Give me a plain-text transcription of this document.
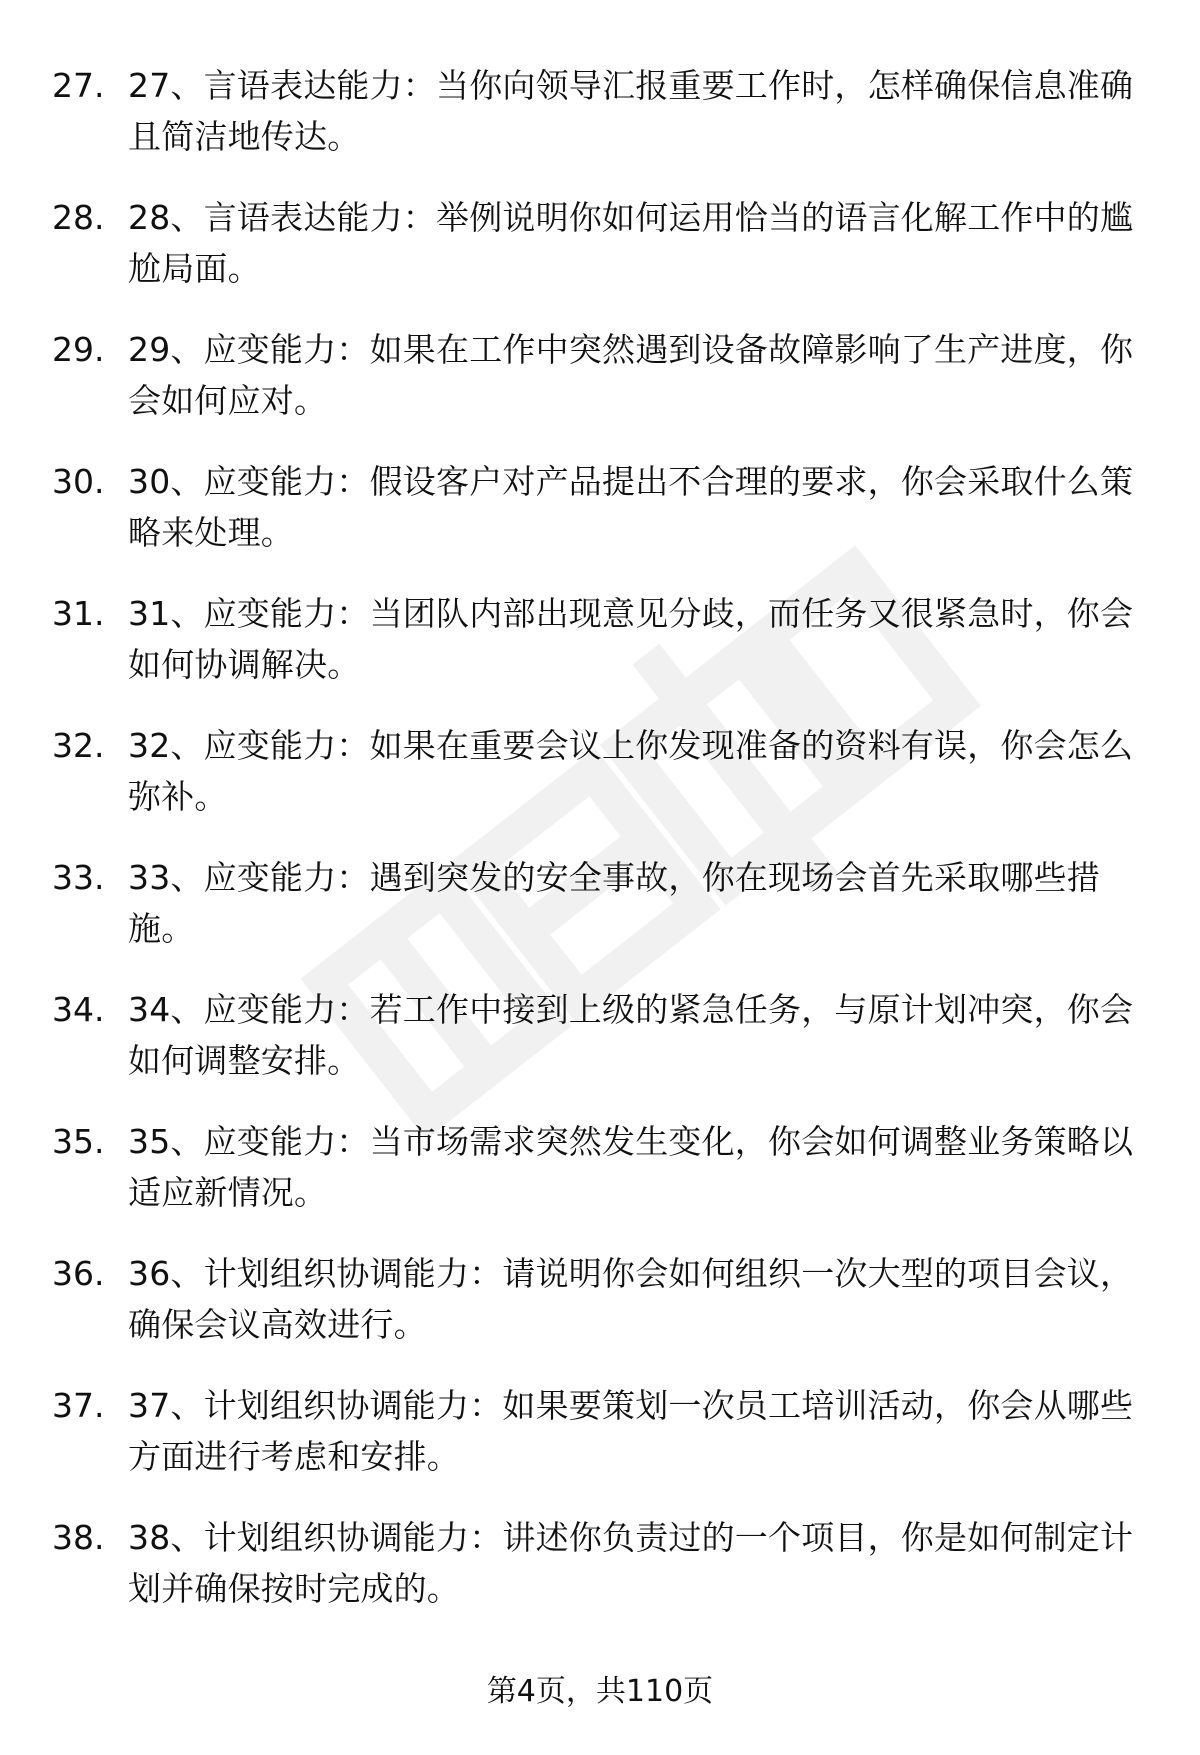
27. 27、言语表达能力：当你向领导汇报重要工作时，怎样确保信息准确且简洁地传达。
28. 28、言语表达能力：举例说明你如何运用恰当的语言化解工作中的尴尬局面。
29. 29、应变能力：如果在工作中突然遇到设备故障影响了生产进度，你会如何应对。
30. 30、应变能力：假设客户对产品提出不合理的要求，你会采取什么策略来处理。
31. 31、应变能力：当团队内部出现意见分歧，而任务又很紧急时，你会如何协调解决。
32. 32、应变能力：如果在重要会议上你发现准备的资料有误，你会怎么弥补。
33. 33、应变能力：遇到突发的安全事故，你在现场会首先采取哪些措施。
34. 34、应变能力：若工作中接到上级的紧急任务，与原计划冲突，你会如何调整安排。
35. 35、应变能力：当市场需求突然发生变化，你会如何调整业务策略以适应新情况。
36. 36、计划组织协调能力：请说明你会如何组织一次大型的项目会议，确保会议高效进行。
37. 37、计划组织协调能力：如果要策划一次员工培训活动，你会从哪些方面进行考虑和安排。
38. 38、计划组织协调能力：讲述你负责过的一个项目，你是如何制定计划并确保按时完成的。
第4页，共110页
